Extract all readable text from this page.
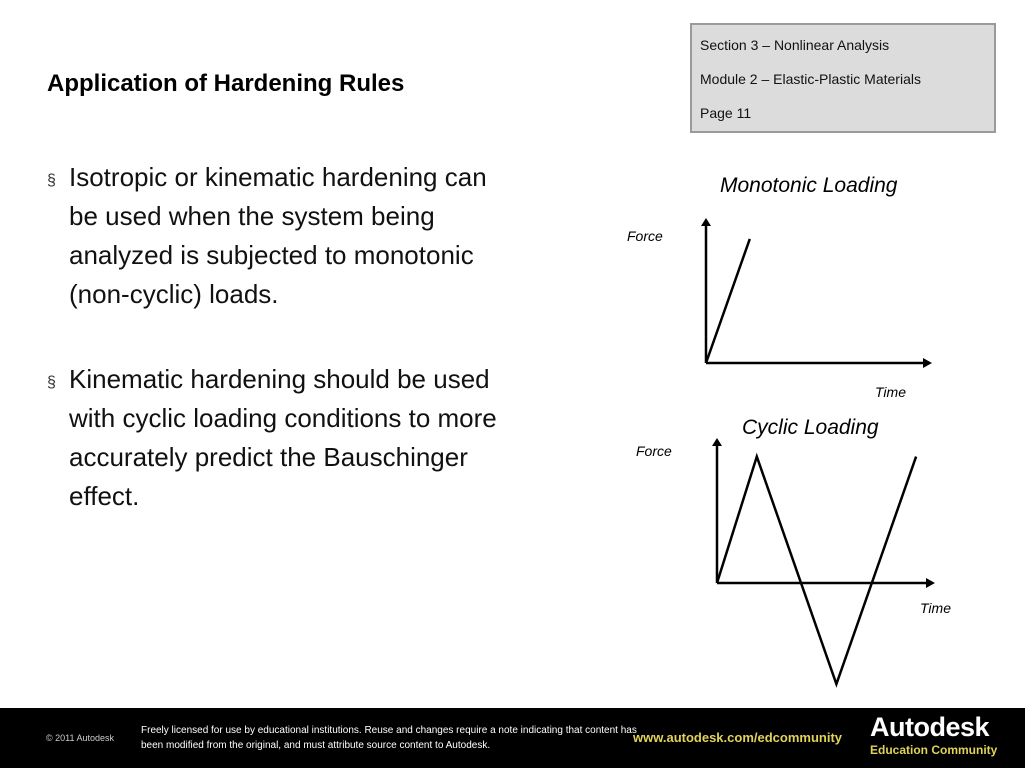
Section 3 – Nonlinear Analysis
Module 2 – Elastic-Plastic Materials
Page 11
Application of Hardening Rules
§ Isotropic or kinematic hardening can be used when the system being analyzed is subjected to monotonic (non-cyclic) loads.
§ Kinematic hardening should be used with cyclic loading conditions to more accurately predict the Bauschinger effect.
Monotonic Loading
Force
Time
Cyclic Loading
Force
Time
© 2011 Autodesk
Freely licensed for use by educational institutions. Reuse and changes require a note indicating that content has been modified from the original, and must attribute source content to Autodesk.
www.autodesk.com/edcommunity Autodesk
Education Community
